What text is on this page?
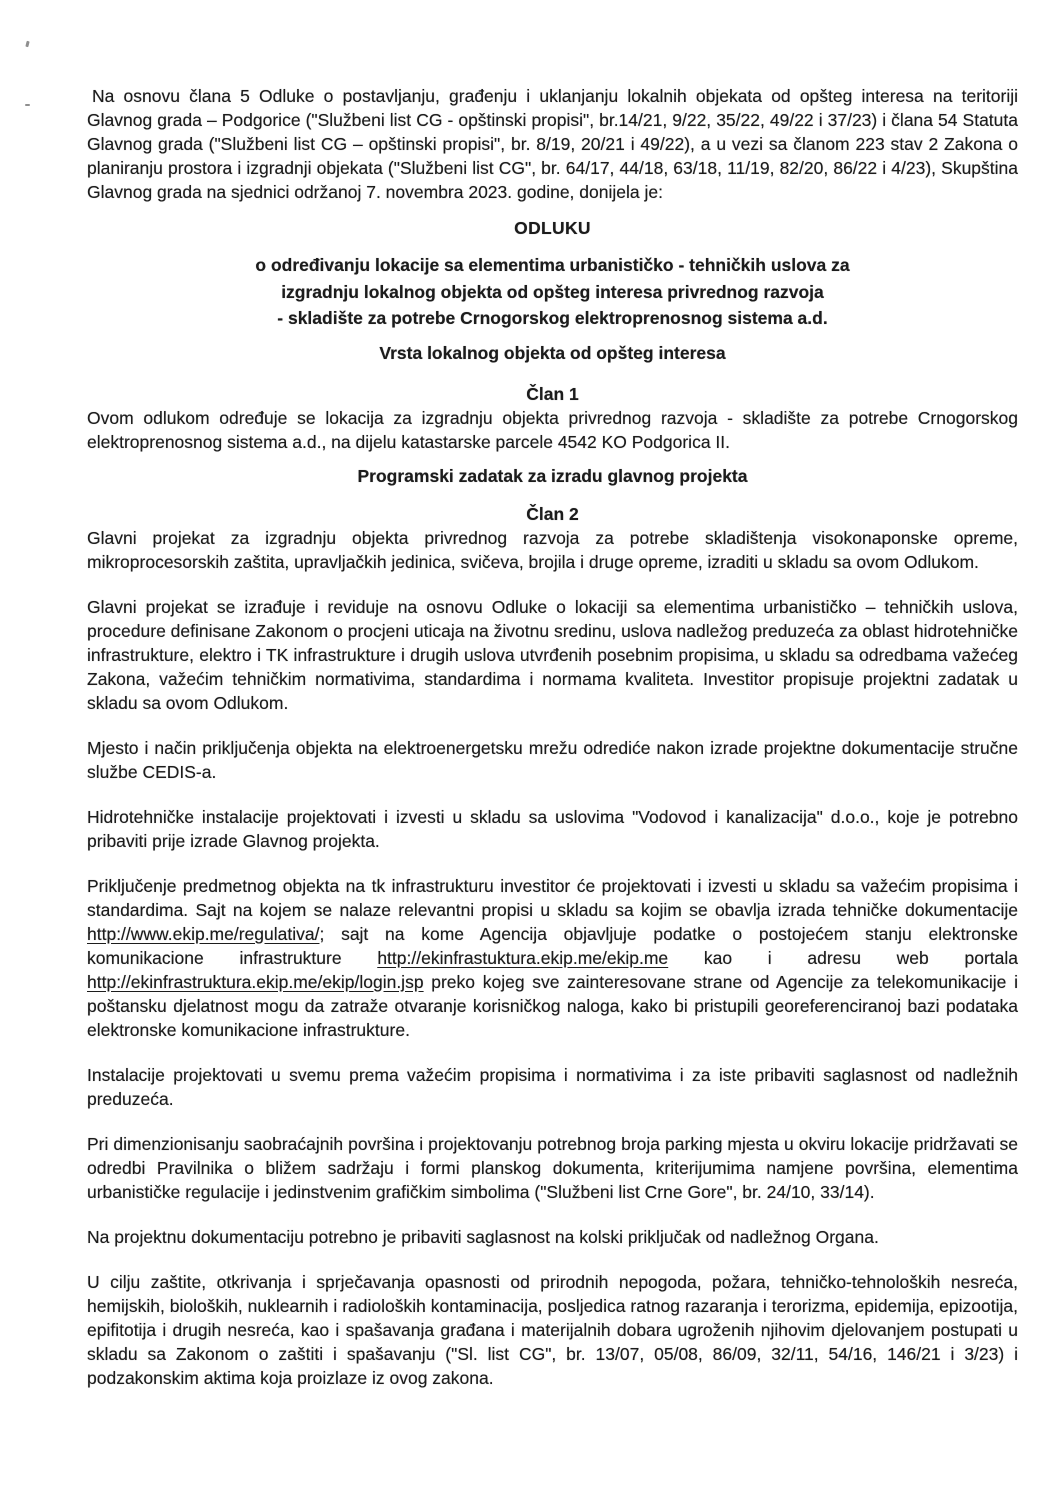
Na osnovu člana 5 Odluke o postavljanju, građenju i uklanjanju lokalnih objekata od opšteg interesa na teritoriji Glavnog grada – Podgorice ("Službeni list CG - opštinski propisi", br.14/21, 9/22, 35/22, 49/22 i 37/23) i člana 54 Statuta Glavnog grada ("Službeni list CG – opštinski propisi", br. 8/19, 20/21 i 49/22), a u vezi sa članom 223 stav 2 Zakona o planiranju prostora i izgradnji objekata ("Službeni list CG", br. 64/17, 44/18, 63/18, 11/19, 82/20, 86/22 i 4/23), Skupština Glavnog grada na sjednici održanoj 7. novembra 2023. godine, donijela je:

ODLUKU
o određivanju lokacije sa elementima urbanističko - tehničkih uslova za
izgradnju lokalnog objekta od opšteg interesa privrednog razvoja
- skladište za potrebe Crnogorskog elektroprenosnog sistema a.d.
Vrsta lokalnog objekta od opšteg interesa
Član 1

Ovom odlukom određuje se lokacija za izgradnju objekta privrednog razvoja - skladište za potrebe Crnogorskog elektroprenosnog sistema a.d., na dijelu katastarske parcele 4542 KO Podgorica II.

Programski zadatak za izradu glavnog projekta
Član 2

Glavni projekat za izgradnju objekta privrednog razvoja za potrebe skladištenja visokonaponske opreme, mikroprocesorskih zaštita, upravljačkih jedinica, svičeva, brojila i druge opreme, izraditi u skladu sa ovom Odlukom.

Glavni projekat se izrađuje i reviduje na osnovu Odluke o lokaciji sa elementima urbanističko – tehničkih uslova, procedure definisane Zakonom o procjeni uticaja na životnu sredinu, uslova nadležog preduzeća za oblast hidrotehničke infrastrukture, elektro i TK infrastrukture i drugih uslova utvrđenih posebnim propisima, u skladu sa odredbama važećeg Zakona, važećim tehničkim normativima, standardima i normama kvaliteta. Investitor propisuje projektni zadatak u skladu sa ovom Odlukom.

Mjesto i način priključenja objekta na elektroenergetsku mrežu odrediće nakon izrade projektne dokumentacije stručne službe CEDIS-a.

Hidrotehničke instalacije projektovati i izvesti u skladu sa uslovima "Vodovod i kanalizacija" d.o.o., koje je potrebno pribaviti prije izrade Glavnog projekta.

Priključenje predmetnog objekta na tk infrastrukturu investitor će projektovati i izvesti u skladu sa važećim propisima i standardima. Sajt na kojem se nalaze relevantni propisi u skladu sa kojim se obavlja izrada tehničke dokumentacije http://www.ekip.me/regulativa/; sajt na kome Agencija objavljuje podatke o postojećem stanju elektronske komunikacione infrastrukture http://ekinfrastuktura.ekip.me/ekip.me kao i adresu web portala http://ekinfrastruktura.ekip.me/ekip/login.jsp preko kojeg sve zainteresovane strane od Agencije za telekomunikacije i poštansku djelatnost mogu da zatraže otvaranje korisničkog naloga, kako bi pristupili georeferenciranoj bazi podataka elektronske komunikacione infrastrukture.

Instalacije projektovati u svemu prema važećim propisima i normativima i za iste pribaviti saglasnost od nadležnih preduzeća.

Pri dimenzionisanju saobraćajnih površina i projektovanju potrebnog broja parking mjesta u okviru lokacije pridržavati se odredbi Pravilnika o bližem sadržaju i formi planskog dokumenta, kriterijumima namjene površina, elementima urbanističke regulacije i jedinstvenim grafičkim simbolima ("Službeni list Crne Gore", br. 24/10, 33/14).

Na projektnu dokumentaciju potrebno je pribaviti saglasnost na kolski priključak od nadležnog Organa.

U cilju zaštite, otkrivanja i sprječavanja opasnosti od prirodnih nepogoda, požara, tehničko-tehnoloških nesreća, hemijskih, bioloških, nuklearnih i radioloških kontaminacija, posljedica ratnog razaranja i terorizma, epidemija, epizootija, epifitotija i drugih nesreća, kao i spašavanja građana i materijalnih dobara ugroženih njihovim djelovanjem postupati u skladu sa Zakonom o zaštiti i spašavanju ("Sl. list CG", br. 13/07, 05/08, 86/09, 32/11, 54/16, 146/21 i 3/23) i podzakonskim aktima koja proizlaze iz ovog zakona.
